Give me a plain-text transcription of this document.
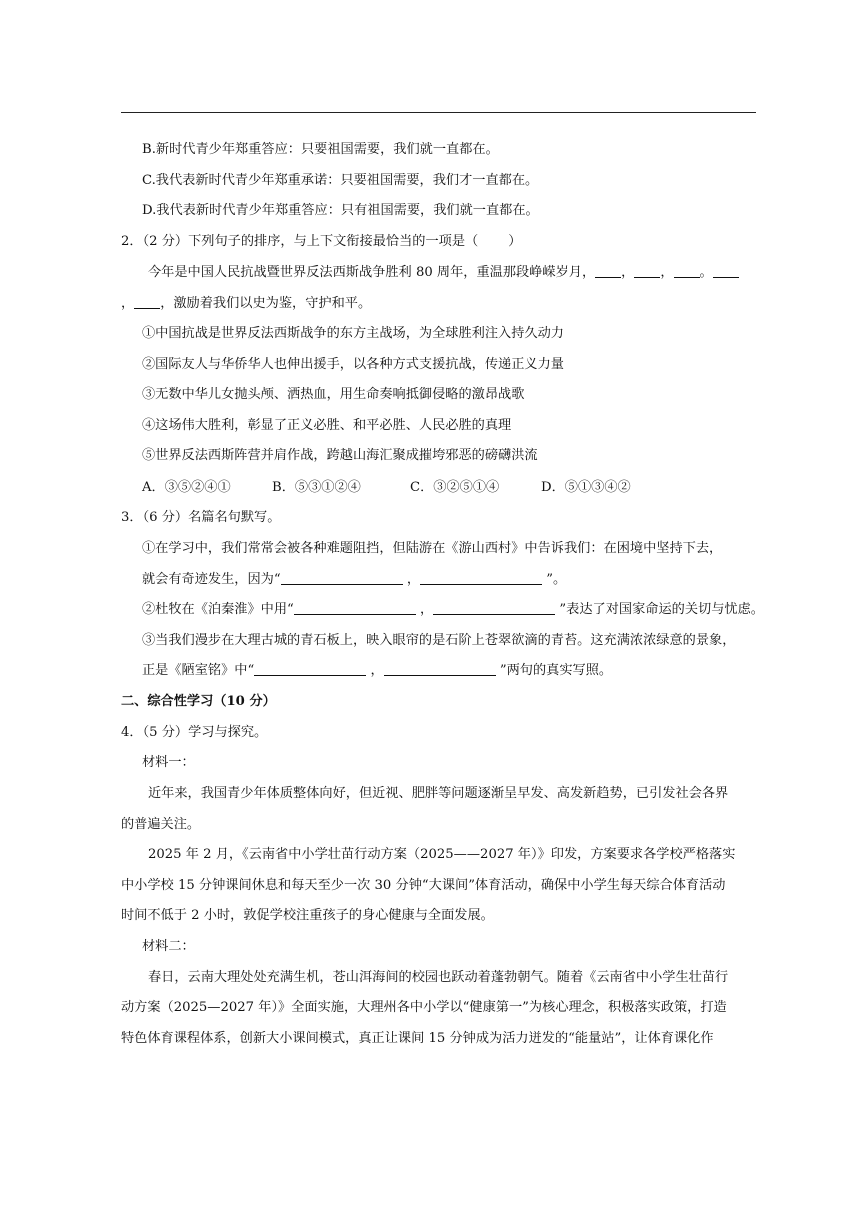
B.新时代青少年郑重答应：只要祖国需要，我们就一直都在。
C.我代表新时代青少年郑重承诺：只要祖国需要，我们才一直都在。
D.我代表新时代青少年郑重答应：只有祖国需要，我们就一直都在。
2．（2 分）下列句子的排序，与上下文衔接最恰当的一项是（ ）
今年是中国人民抗战暨世界反法西斯战争胜利 80 周年，重温那段峥嵘岁月， ， ， 。
， ，激励着我们以史为鉴，守护和平。
①中国抗战是世界反法西斯战争的东方主战场，为全球胜利注入持久动力
②国际友人与华侨华人也伸出援手，以各种方式支援抗战，传递正义力量
③无数中华儿女抛头颅、洒热血，用生命奏响抵御侵略的激昂战歌
④这场伟大胜利，彰显了正义必胜、和平必胜、人民必胜的真理
⑤世界反法西斯阵营并肩作战，跨越山海汇聚成摧垮邪恶的磅礴洪流
A．③⑤②④①	B．⑤③①②④	C．③②⑤①④	D．⑤①③④②
3．（6 分）名篇名句默写。
①在学习中，我们常常会被各种难题阻挡，但陆游在《游山西村》中告诉我们：在困境中坚持下去，
就会有奇迹发生，因为“	，	”。
②杜牧在《泊秦淮》中用“	，	”表达了对国家命运的关切与忧虑。
③当我们漫步在大理古城的青石板上，映入眼帘的是石阶上苍翠欲滴的青苔。这充满浓浓绿意的景象，
正是《陋室铭》中“	，	”两句的真实写照。
二、综合性学习（10 分）
4．（5 分）学习与探究。
材料一：
近年来，我国青少年体质整体向好，但近视、肥胖等问题逐渐呈早发、高发新趋势，已引发社会各界
的普遍关注。
2025 年 2 月，《云南省中小学壮苗行动方案（2025——2027 年）》印发，方案要求各学校严格落实
中小学校 15 分钟课间休息和每天至少一次 30 分钟“大课间”体育活动，确保中小学生每天综合体育活动
时间不低于 2 小时，敦促学校注重孩子的身心健康与全面发展。
材料二：
春日，云南大理处处充满生机，苍山洱海间的校园也跃动着蓬勃朝气。随着《云南省中小学生壮苗行
动方案（2025—2027 年）》全面实施，大理州各中小学以“健康第一”为核心理念，积极落实政策，打造
特色体育课程体系，创新大小课间模式，真正让课间 15 分钟成为活力迸发的“能量站”，让体育课化作
